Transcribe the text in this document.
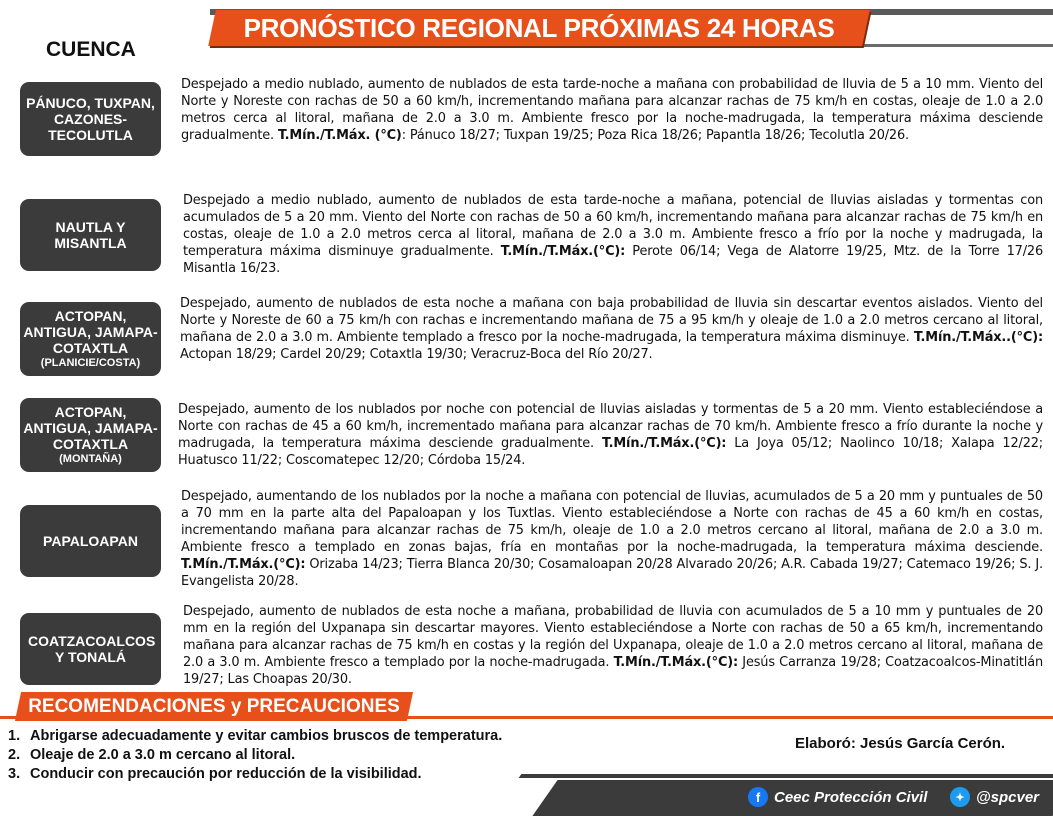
PRONÓSTICO REGIONAL PRÓXIMAS 24 HORAS
CUENCA
PÁNUCO, TUXPAN, CAZONES-TECOLUTLA
Despejado a medio nublado, aumento de nublados de esta tarde-noche a mañana con probabilidad de lluvia de 5 a 10 mm. Viento del Norte y Noreste con rachas de 50 a 60 km/h, incrementando mañana para alcanzar rachas de 75 km/h en costas, oleaje de 1.0 a 2.0 metros cerca al litoral, mañana de 2.0 a 3.0 m. Ambiente fresco por la noche-madrugada, la temperatura máxima desciende gradualmente. T.Mín./T.Máx. (°C): Pánuco 18/27; Tuxpan 19/25; Poza Rica 18/26; Papantla 18/26; Tecolutla 20/26.
NAUTLA Y MISANTLA
Despejado a medio nublado, aumento de nublados de esta tarde-noche a mañana, potencial de lluvias aisladas y tormentas con acumulados de 5 a 20 mm. Viento del Norte con rachas de 50 a 60 km/h, incrementando mañana para alcanzar rachas de 75 km/h en costas, oleaje de 1.0 a 2.0 metros cerca al litoral, mañana de 2.0 a 3.0 m. Ambiente fresco a frío por la noche y madrugada, la temperatura máxima disminuye gradualmente. T.Mín./T.Máx.(°C): Perote 06/14; Vega de Alatorre 19/25, Mtz. de la Torre 17/26 Misantla 16/23.
ACTOPAN, ANTIGUA, JAMAPA-COTAXTLA
(PLANICIE/COSTA)
Despejado, aumento de nublados de esta noche a mañana con baja probabilidad de lluvia sin descartar eventos aislados. Viento del Norte y Noreste de 60 a 75 km/h con rachas e incrementando mañana de 75 a 95 km/h y oleaje de 1.0 a 2.0 metros cercano al litoral, mañana de 2.0 a 3.0 m. Ambiente templado a fresco por la noche-madrugada, la temperatura máxima disminuye. T.Mín./T.Máx..(°C): Actopan 18/29; Cardel 20/29; Cotaxtla 19/30; Veracruz-Boca del Río 20/27.
ACTOPAN, ANTIGUA, JAMAPA-COTAXTLA
(MONTAÑA)
Despejado, aumento de los nublados por noche con potencial de lluvias aisladas y tormentas de 5 a 20 mm. Viento estableciéndose a Norte con rachas de 45 a 60 km/h, incrementado mañana para alcanzar rachas de 70 km/h. Ambiente fresco a frío durante la noche y madrugada, la temperatura máxima desciende gradualmente. T.Mín./T.Máx.(°C): La Joya 05/12; Naolinco 10/18; Xalapa 12/22; Huatusco 11/22; Coscomatepec 12/20; Córdoba 15/24.
PAPALOAPAN
Despejado, aumentando de los nublados por la noche a mañana con potencial de lluvias, acumulados de 5 a 20 mm y puntuales de 50 a 70 mm en la parte alta del Papaloapan y los Tuxtlas. Viento estableciéndose a Norte con rachas de 45 a 60 km/h en costas, incrementando mañana para alcanzar rachas de 75 km/h, oleaje de 1.0 a 2.0 metros cercano al litoral, mañana de 2.0 a 3.0 m. Ambiente fresco a templado en zonas bajas, fría en montañas por la noche-madrugada, la temperatura máxima desciende. T.Mín./T.Máx.(°C): Orizaba 14/23; Tierra Blanca 20/30; Cosamaloapan 20/28 Alvarado 20/26; A.R. Cabada 19/27; Catemaco 19/26; S. J. Evangelista 20/28.
COATZACOALCOS Y TONALÁ
Despejado, aumento de nublados de esta noche a mañana, probabilidad de lluvia con acumulados de 5 a 10 mm y puntuales de 20 mm en la región del Uxpanapa sin descartar mayores. Viento estableciéndose a Norte con rachas de 50 a 65 km/h, incrementando mañana para alcanzar rachas de 75 km/h en costas y la región del Uxpanapa, oleaje de 1.0 a 2.0 metros cercano al litoral, mañana de 2.0 a 3.0 m. Ambiente fresco a templado por la noche-madrugada. T.Mín./T.Máx.(°C): Jesús Carranza 19/28; Coatzacoalcos-Minatitlán 19/27; Las Choapas 20/30.
RECOMENDACIONES y PRECAUCIONES
1. Abrigarse adecuadamente y evitar cambios bruscos de temperatura.
2. Oleaje de 2.0 a 3.0 m cercano al litoral.
3. Conducir con precaución por reducción de la visibilidad.
Elaboró: Jesús García Cerón.
f Ceec Protección Civil	✦ @spcver
